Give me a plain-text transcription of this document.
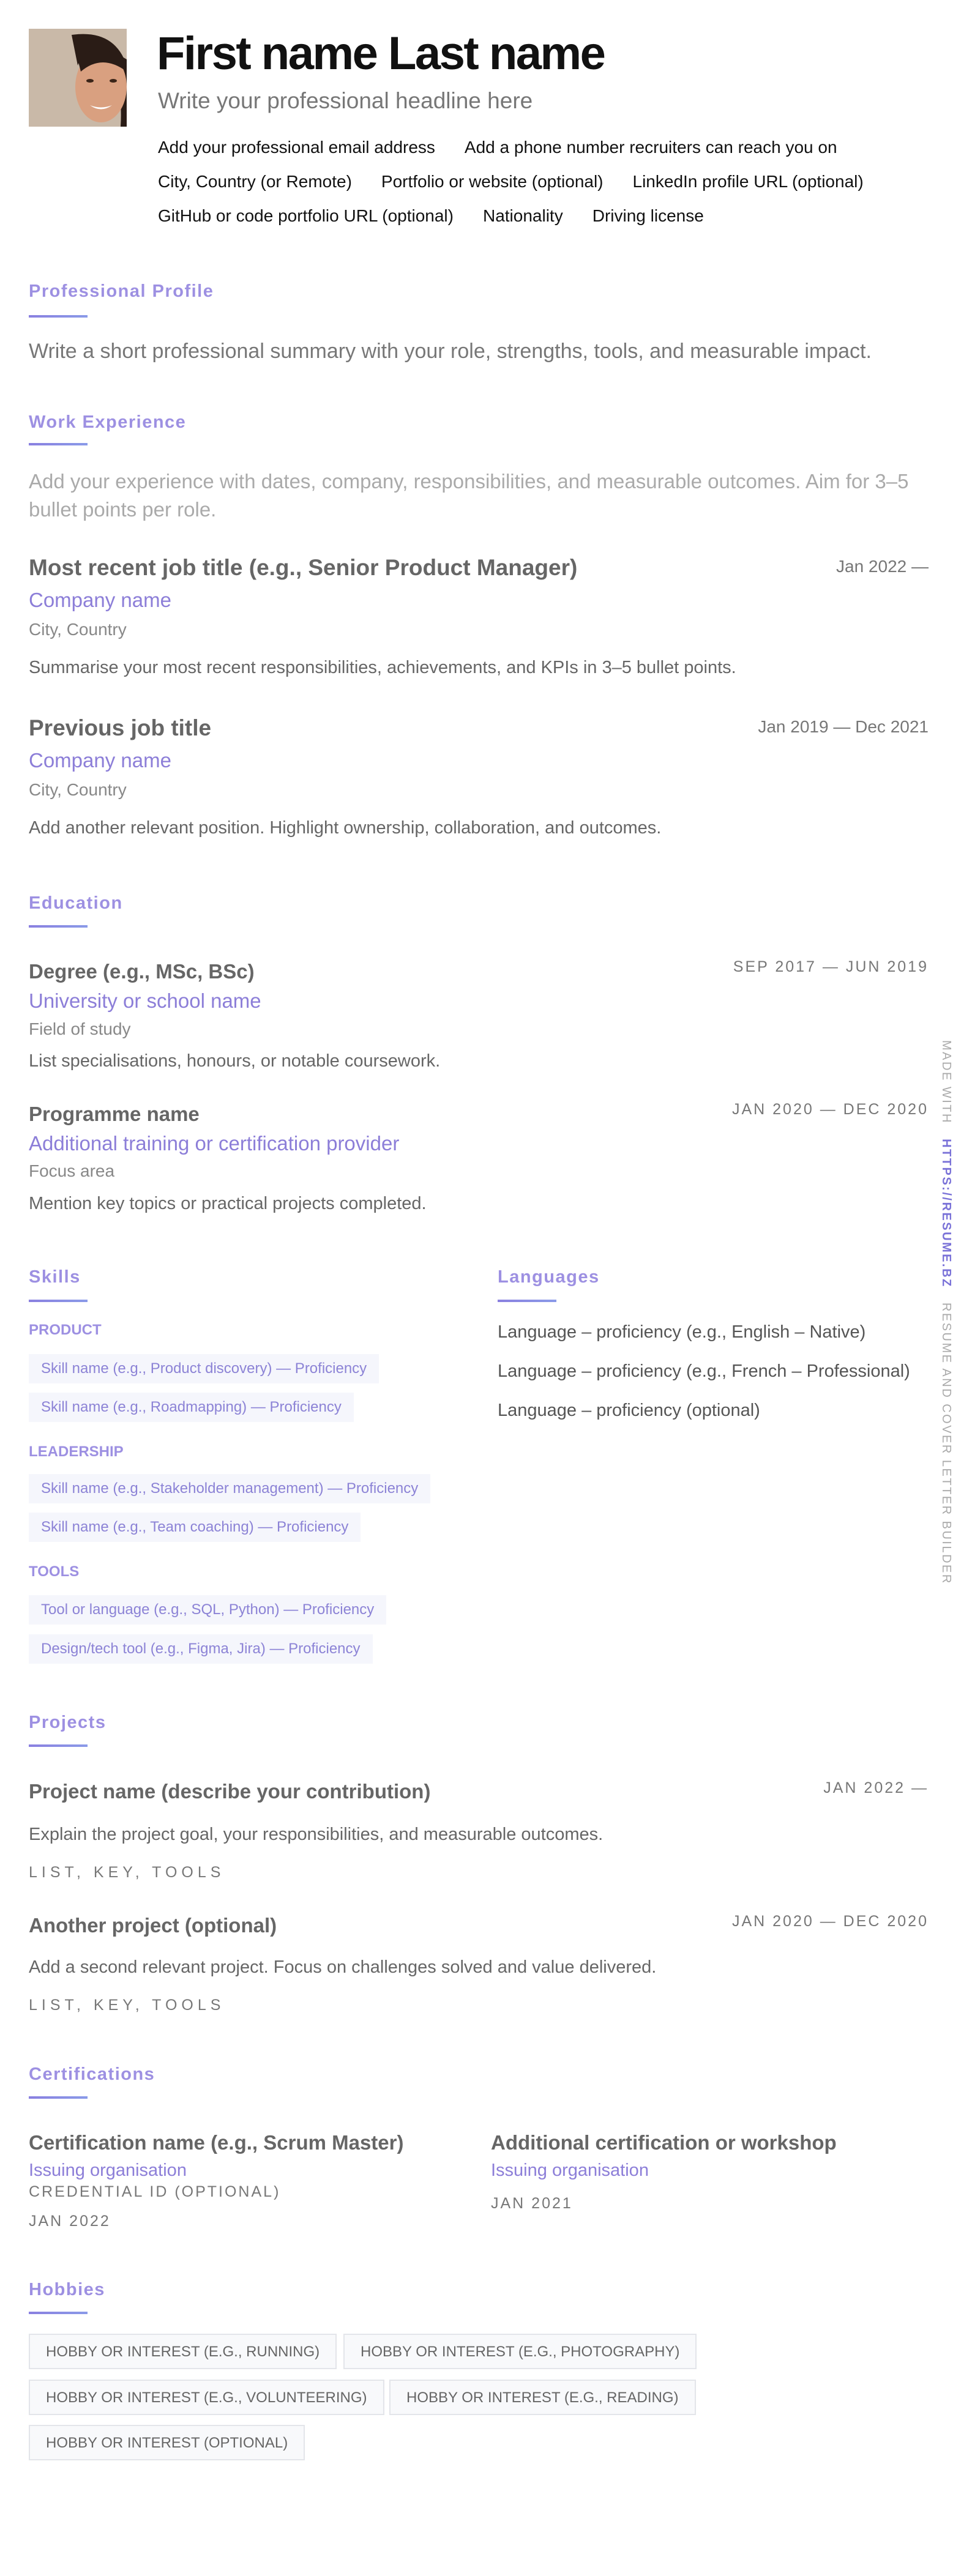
First name Last name
Write your professional headline here
Add your professional email address Add a phone number recruiters can reach you on
City, Country (or Remote) Portfolio or website (optional) LinkedIn profile URL (optional)
GitHub or code portfolio URL (optional) Nationality Driving license
Professional Profile
Write a short professional summary with your role, strengths, tools, and measurable impact.
Work Experience
Add your experience with dates, company, responsibilities, and measurable outcomes. Aim for 3–5
bullet points per role.
Most recent job title (e.g., Senior Product Manager)	Jan 2022 —
Company name
City, Country
Summarise your most recent responsibilities, achievements, and KPIs in 3–5 bullet points.
Previous job title	Jan 2019 — Dec 2021
Company name
City, Country
Add another relevant position. Highlight ownership, collaboration, and outcomes.
Education
Degree (e.g., MSc, BSc)	SEP 2017 — JUN 2019
University or school name
Field of study
List specialisations, honours, or notable coursework.
Programme name	JAN 2020 — DEC 2020
Additional training or certification provider
Focus area
Mention key topics or practical projects completed.
Skills
PRODUCT
Skill name (e.g., Product discovery) — Proficiency
Skill name (e.g., Roadmapping) — Proficiency
LEADERSHIP
Skill name (e.g., Stakeholder management) — Proficiency
Skill name (e.g., Team coaching) — Proficiency
TOOLS
Tool or language (e.g., SQL, Python) — Proficiency
Design/tech tool (e.g., Figma, Jira) — Proficiency
Languages
Language – proficiency (e.g., English – Native)
Language – proficiency (e.g., French – Professional)
Language – proficiency (optional)
Projects
Project name (describe your contribution)	JAN 2022 —
Explain the project goal, your responsibilities, and measurable outcomes.
LIST, KEY, TOOLS
Another project (optional)	JAN 2020 — DEC 2020
Add a second relevant project. Focus on challenges solved and value delivered.
LIST, KEY, TOOLS
Certifications
Certification name (e.g., Scrum Master)
Issuing organisation
CREDENTIAL ID (OPTIONAL)
JAN 2022
Additional certification or workshop
Issuing organisation
JAN 2021
Hobbies
HOBBY OR INTEREST (E.G., RUNNING)	HOBBY OR INTEREST (E.G., PHOTOGRAPHY)
HOBBY OR INTEREST (E.G., VOLUNTEERING)	HOBBY OR INTEREST (E.G., READING)
HOBBY OR INTEREST (OPTIONAL)
MADE WITH   HTTPS://RESUME.BZ   RESUME AND COVER LETTER BUILDER
